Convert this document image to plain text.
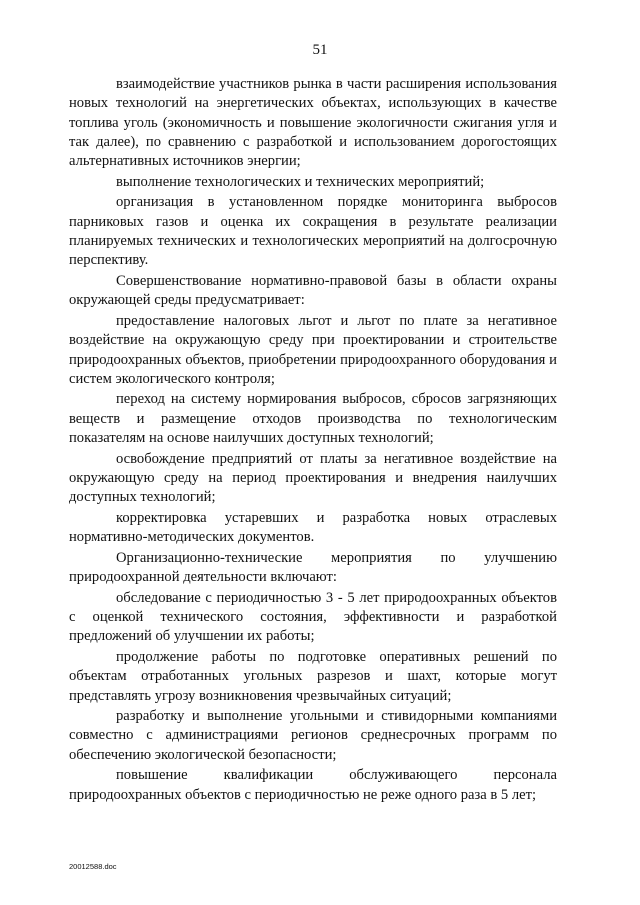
51

взаимодействие участников рынка в части расширения использования новых технологий на энергетических объектах, использующих в качестве топлива уголь (экономичность и повышение экологичности сжигания угля и так далее), по сравнению с разработкой и использованием дорогостоящих альтернативных источников энергии;

выполнение технологических и технических мероприятий;

организация в установленном порядке мониторинга выбросов парниковых газов и оценка их сокращения в результате реализации планируемых технических и технологических мероприятий на долгосрочную перспективу.

Совершенствование нормативно-правовой базы в области охраны окружающей среды предусматривает:

предоставление налоговых льгот и льгот по плате за негативное воздействие на окружающую среду при проектировании и строительстве природоохранных объектов, приобретении природоохранного оборудования и систем экологического контроля;

переход на систему нормирования выбросов, сбросов загрязняющих веществ и размещение отходов производства по технологическим показателям на основе наилучших доступных технологий;

освобождение предприятий от платы за негативное воздействие на окружающую среду на период проектирования и внедрения наилучших доступных технологий;

корректировка устаревших и разработка новых отраслевых нормативно-методических документов.

Организационно-технические мероприятия по улучшению природоохранной деятельности включают:

обследование с периодичностью 3 - 5 лет природоохранных объектов с оценкой технического состояния, эффективности и разработкой предложений об улучшении их работы;

продолжение работы по подготовке оперативных решений по объектам отработанных угольных разрезов и шахт, которые могут представлять угрозу возникновения чрезвычайных ситуаций;

разработку и выполнение угольными и стивидорными компаниями совместно с администрациями регионов среднесрочных программ по обеспечению экологической безопасности;

повышение квалификации обслуживающего персонала природоохранных объектов с периодичностью не реже одного раза в 5 лет;

20012588.doc
